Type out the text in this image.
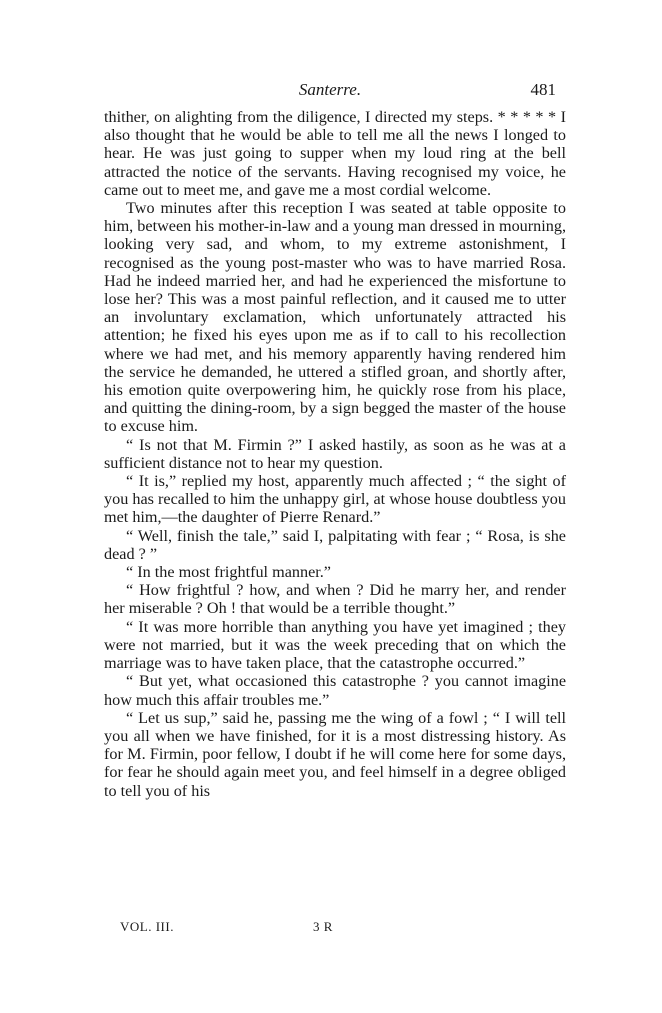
Santerre.	481

thither, on alighting from the diligence, I directed my steps. * * * * * I also thought that he would be able to tell me all the news I longed to hear. He was just going to supper when my loud ring at the bell attracted the notice of the servants. Having recognised my voice, he came out to meet me, and gave me a most cordial welcome.

Two minutes after this reception I was seated at table opposite to him, between his mother-in-law and a young man dressed in mourning, looking very sad, and whom, to my extreme astonishment, I recognised as the young post-master who was to have married Rosa. Had he indeed married her, and had he experienced the misfortune to lose her? This was a most painful reflection, and it caused me to utter an involuntary exclamation, which unfortunately attracted his attention; he fixed his eyes upon me as if to call to his recollection where we had met, and his memory apparently having rendered him the service he demanded, he uttered a stifled groan, and shortly after, his emotion quite overpowering him, he quickly rose from his place, and quitting the dining-room, by a sign begged the master of the house to excuse him.

“ Is not that M. Firmin ?” I asked hastily, as soon as he was at a sufficient distance not to hear my question.

“ It is,” replied my host, apparently much affected ; “ the sight of you has recalled to him the unhappy girl, at whose house doubtless you met him,—the daughter of Pierre Renard.”

“ Well, finish the tale,” said I, palpitating with fear ; “ Rosa, is she dead ? ”

“ In the most frightful manner.”

“ How frightful ? how, and when ? Did he marry her, and render her miserable ? Oh ! that would be a terrible thought.”

“ It was more horrible than anything you have yet imagined ; they were not married, but it was the week preceding that on which the marriage was to have taken place, that the catastrophe occurred.”

“ But yet, what occasioned this catastrophe ? you cannot imagine how much this affair troubles me.”

“ Let us sup,” said he, passing me the wing of a fowl ; “ I will tell you all when we have finished, for it is a most distressing history. As for M. Firmin, poor fellow, I doubt if he will come here for some days, for fear he should again meet you, and feel himself in a degree obliged to tell you of his

VOL. III.	3 R
